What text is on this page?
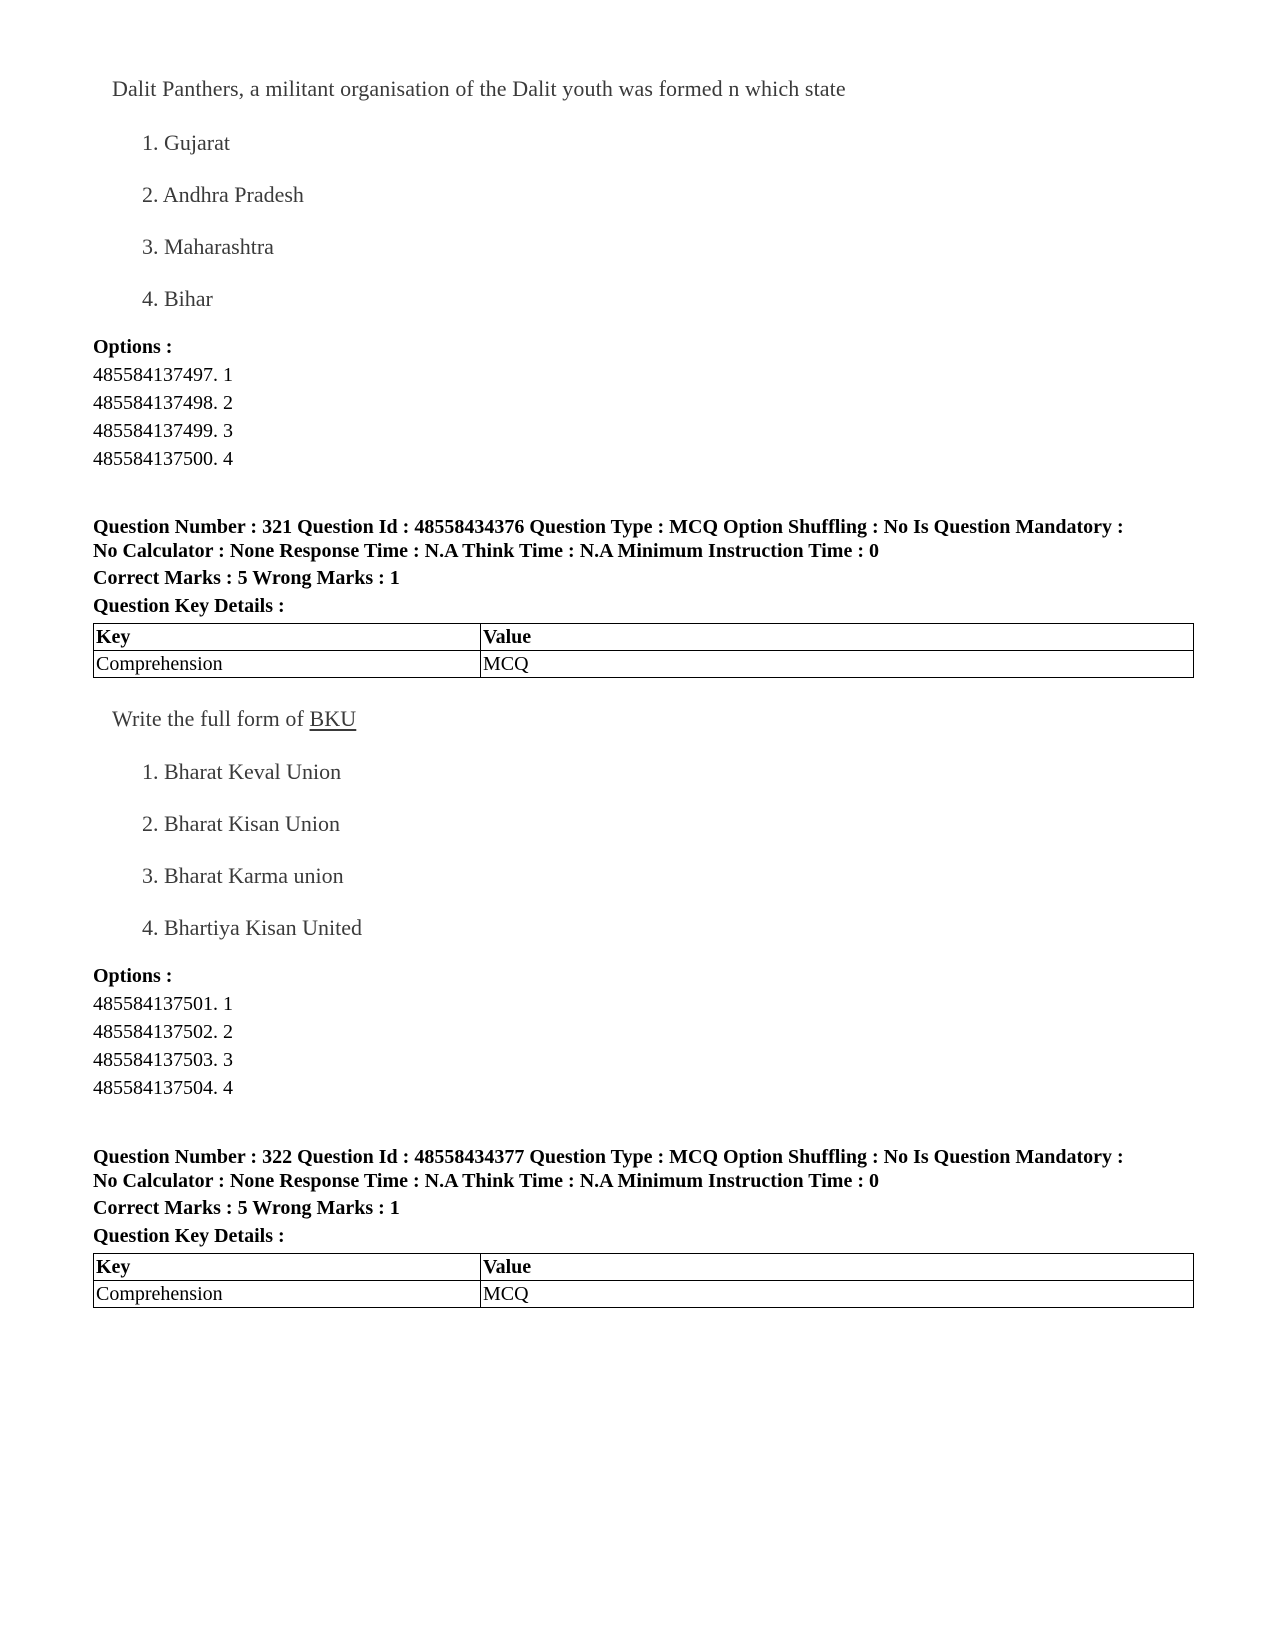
Dalit Panthers, a militant organisation of the Dalit youth was formed n which state
1. Gujarat
2. Andhra Pradesh
3. Maharashtra
4. Bihar
Options :
485584137497. 1
485584137498. 2
485584137499. 3
485584137500. 4
Question Number : 321 Question Id : 48558434376 Question Type : MCQ Option Shuffling : No Is Question Mandatory :
No Calculator : None Response Time : N.A Think Time : N.A Minimum Instruction Time : 0
Correct Marks : 5 Wrong Marks : 1
Question Key Details :
Key	Value
Comprehension	MCQ
Write the full form of BKU
1. Bharat Keval Union
2. Bharat Kisan Union
3. Bharat Karma union
4. Bhartiya Kisan United
Options :
485584137501. 1
485584137502. 2
485584137503. 3
485584137504. 4
Question Number : 322 Question Id : 48558434377 Question Type : MCQ Option Shuffling : No Is Question Mandatory :
No Calculator : None Response Time : N.A Think Time : N.A Minimum Instruction Time : 0
Correct Marks : 5 Wrong Marks : 1
Question Key Details :
Key	Value
Comprehension	MCQ
